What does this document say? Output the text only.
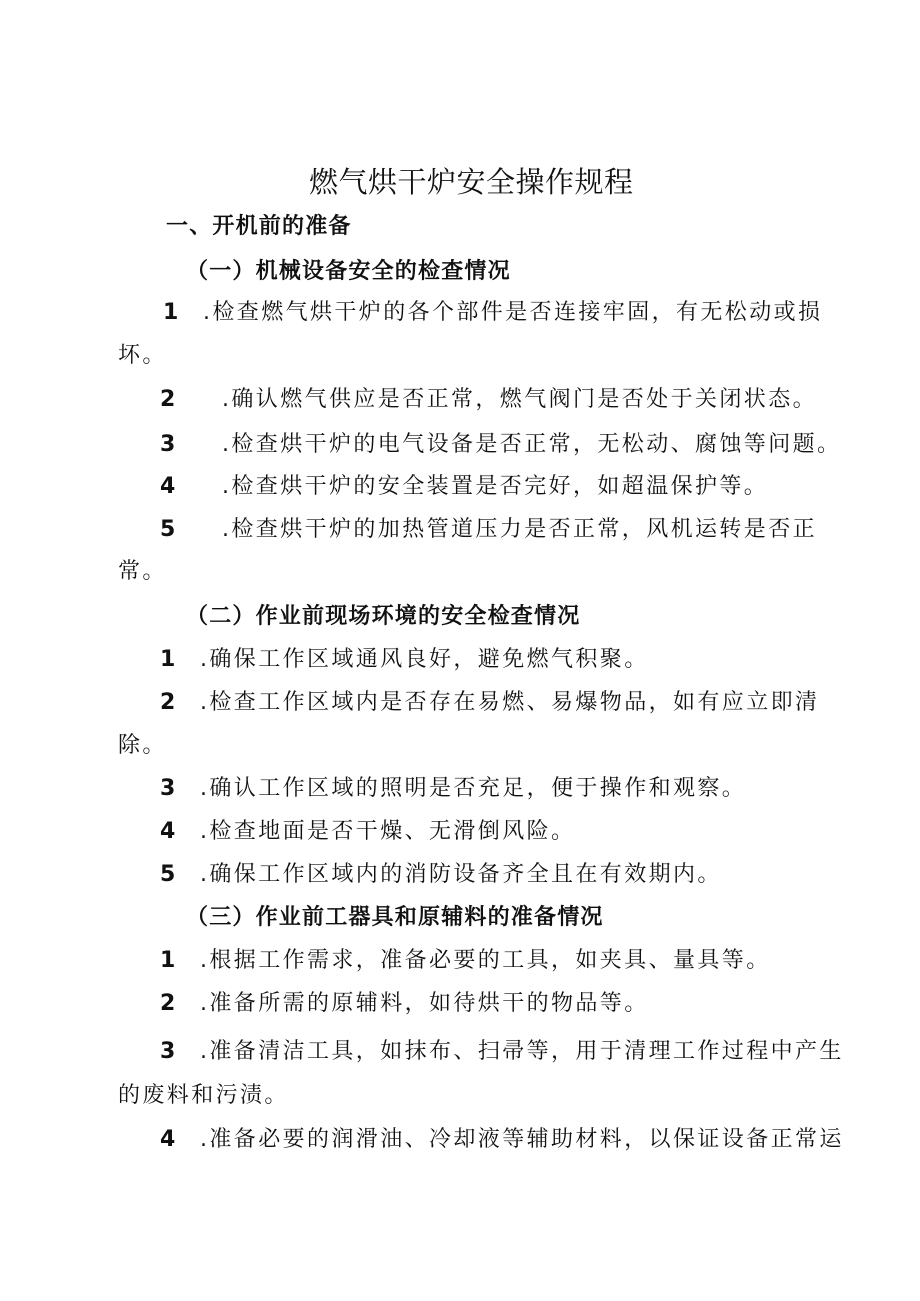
燃气烘干炉安全操作规程
一、开机前的准备
（一）机械设备安全的检查情况
1 .检查燃气烘干炉的各个部件是否连接牢固，有无松动或损
坏。
2 .确认燃气供应是否正常，燃气阀门是否处于关闭状态。
3 .检查烘干炉的电气设备是否正常，无松动、腐蚀等问题。
4 .检查烘干炉的安全装置是否完好，如超温保护等。
5 .检查烘干炉的加热管道压力是否正常，风机运转是否正
常。
（二）作业前现场环境的安全检查情况
1 .确保工作区域通风良好，避免燃气积聚。
2 .检查工作区域内是否存在易燃、易爆物品，如有应立即清
除。
3 .确认工作区域的照明是否充足，便于操作和观察。
4 .检查地面是否干燥、无滑倒风险。
5 .确保工作区域内的消防设备齐全且在有效期内。
（三）作业前工器具和原辅料的准备情况
1 .根据工作需求，准备必要的工具，如夹具、量具等。
2 .准备所需的原辅料，如待烘干的物品等。
3 .准备清洁工具，如抹布、扫帚等，用于清理工作过程中产生
的废料和污渍。
4 .准备必要的润滑油、冷却液等辅助材料，以保证设备正常运
